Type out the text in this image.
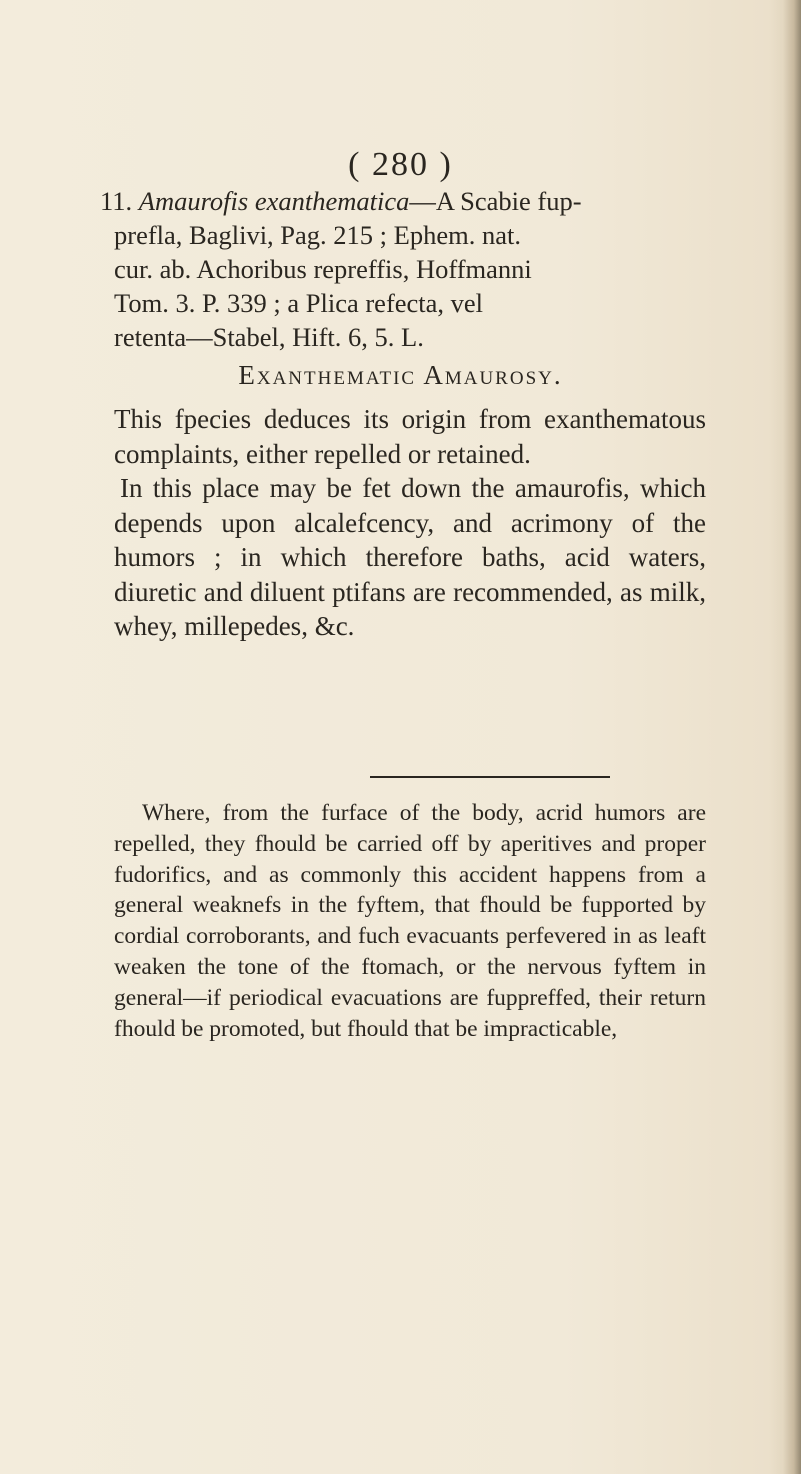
( 280 )
11. Amaurofis exanthematica—A Scabie fup-
prefla, Baglivi, Pag. 215 ; Ephem. nat.
cur. ab. Achoribus repreffis, Hoffmanni
Tom. 3. P. 339 ; a Plica refecta, vel
retenta—Stabel, Hift. 6, 5. L.
Exanthematic Amaurosy.

This fpecies deduces its origin from exanthematous complaints, either repelled or retained.

In this place may be fet down the amaurofis, which depends upon alcalefcency, and acrimony of the humors ; in which therefore baths, acid waters, diuretic and diluent ptifans are recommended, as milk, whey, millepedes, &c.

Where, from the furface of the body, acrid humors are repelled, they fhould be carried off by aperitives and proper fudorifics, and as commonly this accident happens from a general weaknefs in the fyftem, that fhould be fupported by cordial corroborants, and fuch evacuants perfevered in as leaft weaken the tone of the ftomach, or the nervous fyftem in general—if periodical evacuations are fuppreffed, their return fhould be promoted, but fhould that be impracticable,
